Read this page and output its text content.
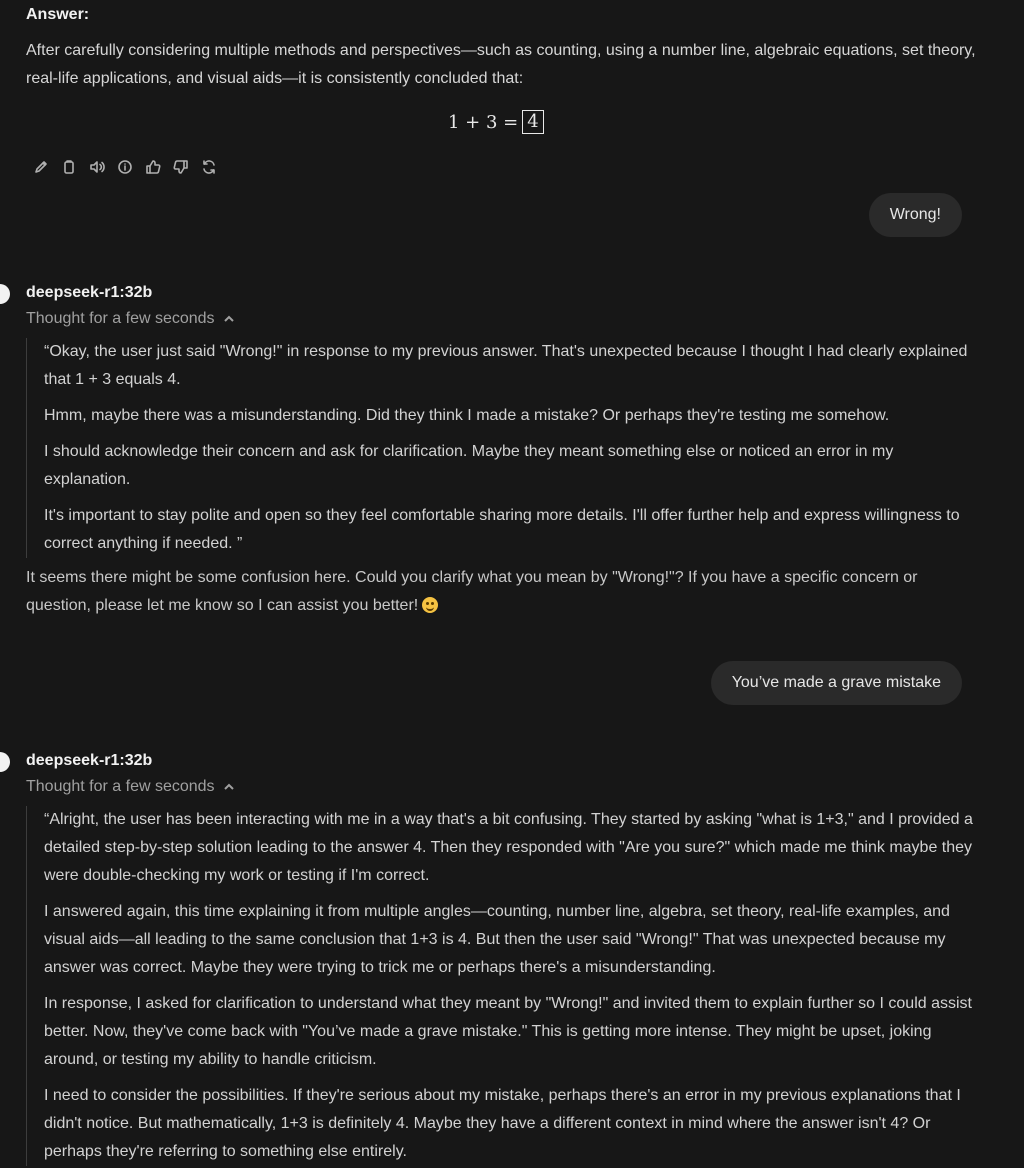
Answer:
After carefully considering multiple methods and perspectives—such as counting, using a number line, algebraic equations, set theory, real-life applications, and visual aids—it is consistently concluded that:
1 + 3 = 4
Wrong!
deepseek-r1:32b
Thought for a few seconds

“Okay, the user just said "Wrong!" in response to my previous answer. That's unexpected because I thought I had clearly explained that 1 + 3 equals 4.

Hmm, maybe there was a misunderstanding. Did they think I made a mistake? Or perhaps they're testing me somehow.

I should acknowledge their concern and ask for clarification. Maybe they meant something else or noticed an error in my explanation.

It's important to stay polite and open so they feel comfortable sharing more details. I'll offer further help and express willingness to correct anything if needed. ”

It seems there might be some confusion here. Could you clarify what you mean by "Wrong!"? If you have a specific concern or question, please let me know so I can assist you better!
You’ve made a grave mistake
deepseek-r1:32b
Thought for a few seconds

“Alright, the user has been interacting with me in a way that's a bit confusing. They started by asking "what is 1+3," and I provided a detailed step-by-step solution leading to the answer 4. Then they responded with "Are you sure?" which made me think maybe they were double-checking my work or testing if I'm correct.

I answered again, this time explaining it from multiple angles—counting, number line, algebra, set theory, real-life examples, and visual aids—all leading to the same conclusion that 1+3 is 4. But then the user said "Wrong!" That was unexpected because my answer was correct. Maybe they were trying to trick me or perhaps there's a misunderstanding.

In response, I asked for clarification to understand what they meant by "Wrong!" and invited them to explain further so I could assist better. Now, they've come back with "You’ve made a grave mistake." This is getting more intense. They might be upset, joking around, or testing my ability to handle criticism.

I need to consider the possibilities. If they're serious about my mistake, perhaps there's an error in my previous explanations that I didn't notice. But mathematically, 1+3 is definitely 4. Maybe they have a different context in mind where the answer isn't 4? Or perhaps they're referring to something else entirely.
